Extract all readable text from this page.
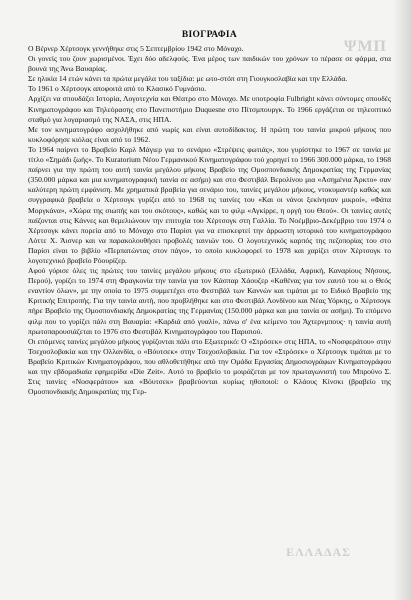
ΨΜΠ
ΕΛΛΑΔΑΣ
ΒΙΟΓΡΑΦΙΑ

Ο Βέρνερ Χέρτσογκ γεννήθηκε στις 5 Σεπτεμβρίου 1942 στο Μόναχο.

Οι γονείς του ζουν χωρισμένοι. Έχει δύο αδελφούς. Ένα μέρος των παιδικών του χρόνων το πέρασε σε φάρμα, στα βουνά της Άνω Βαυαρίας.

Σε ηλικία 14 ετών κάνει τα πρώτα μεγάλα του ταξίδια: με ωτο-στόπ στη Γιουγκοσλαβία και την Ελλάδα.

Το 1961 ο Χέρτσογκ αποφοιτά από το Κλασικό Γυμνάσιο.

Αρχίζει να σπουδάζει Ιστορία, Λογοτεχνία και Θέατρο στο Μόναχο. Με υποτροφία Fulbright κάνει σύντομες σπουδές Κινηματογράφου και Τηλεόρασης στο Πανεπιστήμιο Duquesne στο Πίτσμπουργκ. Το 1966 εργάζεται σε τηλεοπτικό σταθμό για λογαριασμό της ΝΑΣΑ, στις ΗΠΑ.

Με τον κινηματογράφο ασχολήθηκε από νωρίς και είναι αυτοδίδακτος. Η πρώτη του ταινία μικρού μήκους που κυκλοφόρησε κιόλας είναι από το 1962.

Το 1964 παίρνει το Βραβείο Καρλ Μάγιερ για το σενάριο «Στρέψεις φωτιάς», που γυρίστηκε το 1967 σε ταινία με τίτλο «Σημάδι ζωής». Το Kuratorium Νέου Γερμανικού Κινηματογράφου τού χορηγεί το 1966 300.000 μάρκα, το 1968 παίρνει για την πρώτη του αυτή ταινία μεγάλου μήκους Βραβείο της Ομοσπονδιακής Δημοκρατίας της Γερμανίας (350.000 μάρκα και μια κινηματογραφική ταινία σε ασήμι) και στο Φεστιβάλ Βερολίνου μια «Ασημένια Άρκτο» σαν καλύτερη πρώτη εμφάνιση. Με χρηματικά βραβεία για σενάριο του, ταινίες μεγάλου μήκους, ντοκυμαντέρ καθώς και συγγραφικά βραβεία ο Χέρτσογκ γυρίζει από το 1968 τις ταινίες του «Και οι νάνοι ξεκίνησαν μικροί», «Φάτα Μοργκάνα», «Χώρα της σιωπής και του σκότους», καθώς και το φιλμ «Αγκίρρε, η οργή του Θεού». Οι ταινίες αυτές παίζονται στις Κάννες και θεμελιώνουν την επιτυχία του Χέρτσογκ στη Γαλλία. Το Νοέμβριο-Δεκέμβριο του 1974 ο Χέρτσογκ κάνει πορεία από το Μόναχο στο Παρίσι για να επισκεφτεί την άρρωστη ιστορικό του κινηματογράφου Λόττε Χ. Άισνερ και να παρακολουθήσει προβολές ταινιών του. Ο λογοτεχνικός καρπός της πεζοπορίας του στο Παρίσι είναι το βιβλίο «Περπατώντας στον πάγο», το οποίο κυκλοφορεί το 1978 και χαρίζει στον Χέρτσογκ το λογοτεχνικό βραβείο Ρόουρίζερ.

Αφού γύρισε όλες τις πρώτες του ταινίες μεγάλου μήκους στο εξωτερικό (Ελλάδα, Αφρική, Καναρίους Νήσους, Περού), γυρίζει το 1974 στη Φραγκονία την ταινία για τον Κάσπαρ Χάουζερ «Καθένας για τον εαυτό του κι ο Θεός εναντίον όλων», με την οποία το 1975 συμμετέχει στο Φεστιβάλ των Καννών και τιμάται με το Ειδικό Βραβείο της Κριτικής Επιτροπής. Για την ταινία αυτή, που προβλήθηκε και στο Φεστιβάλ Λονδίνου και Νέας Υόρκης, ο Χέρτσογκ πήρε Βραβείο της Ομοσπονδιακής Δημοκρατίας της Γερμανίας (150.000 μάρκα και μια ταινία σε ασήμι). Το επόμενο φιλμ που το γυρίζει πάλι στη Βαυαρία: «Καρδιά από γυαλί», πάνω σ' ένα κείμενο του Άχτερνμπους· η ταινία αυτή πρωτοπαρουσιάζεται το 1976 στο Φεστιβάλ Κινηματογράφου του Παρισιού.

Οι επόμενες ταινίες μεγάλου μήκους γυρίζονται πάλι στο Εξωτερικό: Ο «Στρόσεκ» στις ΗΠΑ, το «Νοσφεράτου» στην Τσεχοσλοβακία και την Ολλανδία, ο «Βόυτσεκ» στην Τσεχοσλοβακία. Για τον «Στρόσεκ» ο Χέρτσογκ τιμάται με το Βραβείο Κριτικών Κινηματογράφου, που αθλοθετήθηκε από την Ομάδα Εργασίας Δημοσιογράφων Κινηματογράφου και την εβδομαδιαία εφημερίδα «Die Zeit». Αυτό το βραβείο το μοιράζεται με τον πρωταγωνιστή του Μπρούνο Σ. Στις ταινίες «Νοσφεράτου» και «Βόυτσεκ» βραβεύονται κυρίως ηθοποιοί: ο Κλάους Κίνσκι (βραβείο της Ομοσπονδιακής Δημοκρατίας της Γερ-
